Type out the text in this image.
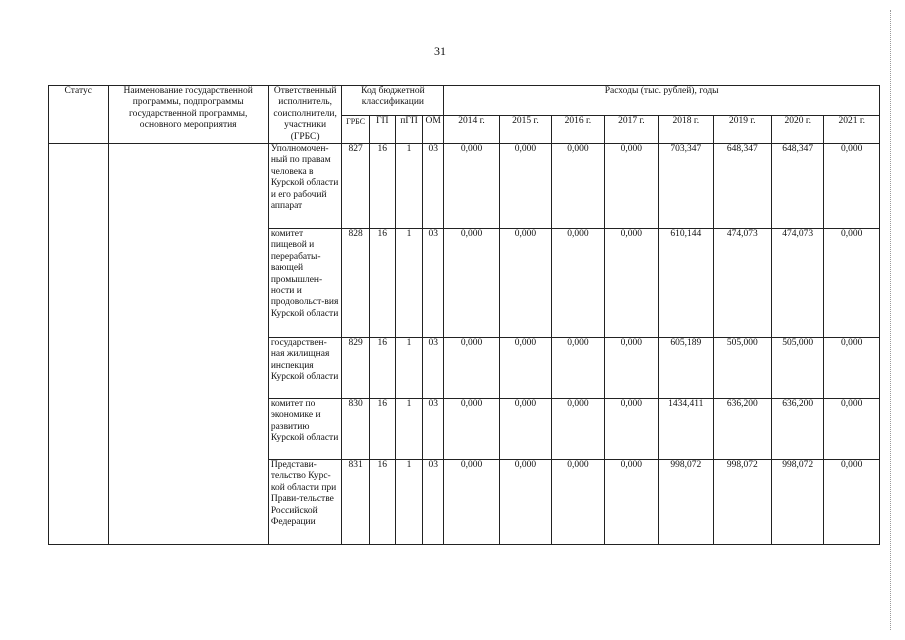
31
Статус	Наименование государственной программы, подпрограммы государственной программы, основного мероприятия	Ответственный исполнитель, соисполнители, участники (ГРБС)	Код бюджетной классификации				Расходы (тыс. рублей), годы							
			ГРБС	ГП	пГП	ОМ	2014 г.	2015 г.	2016 г.	2017 г.	2018 г.	2019 г.	2020 г.	2021 г.
		Уполномочен-ный по правам человека в Курской области и его рабочий аппарат	827	16	1	03	0,000	0,000	0,000	0,000	703,347	648,347	648,347	0,000
		комитет пищевой и перерабаты-вающей промышлен-ности и продовольст-вия Курской области	828	16	1	03	0,000	0,000	0,000	0,000	610,144	474,073	474,073	0,000
		государствен-ная жилищная инспекция Курской области	829	16	1	03	0,000	0,000	0,000	0,000	605,189	505,000	505,000	0,000
		комитет по экономике и развитию Курской области	830	16	1	03	0,000	0,000	0,000	0,000	1434,411	636,200	636,200	0,000
		Представи-тельство Курс-кой области при Прави-тельстве Российской Федерации	831	16	1	03	0,000	0,000	0,000	0,000	998,072	998,072	998,072	0,000
